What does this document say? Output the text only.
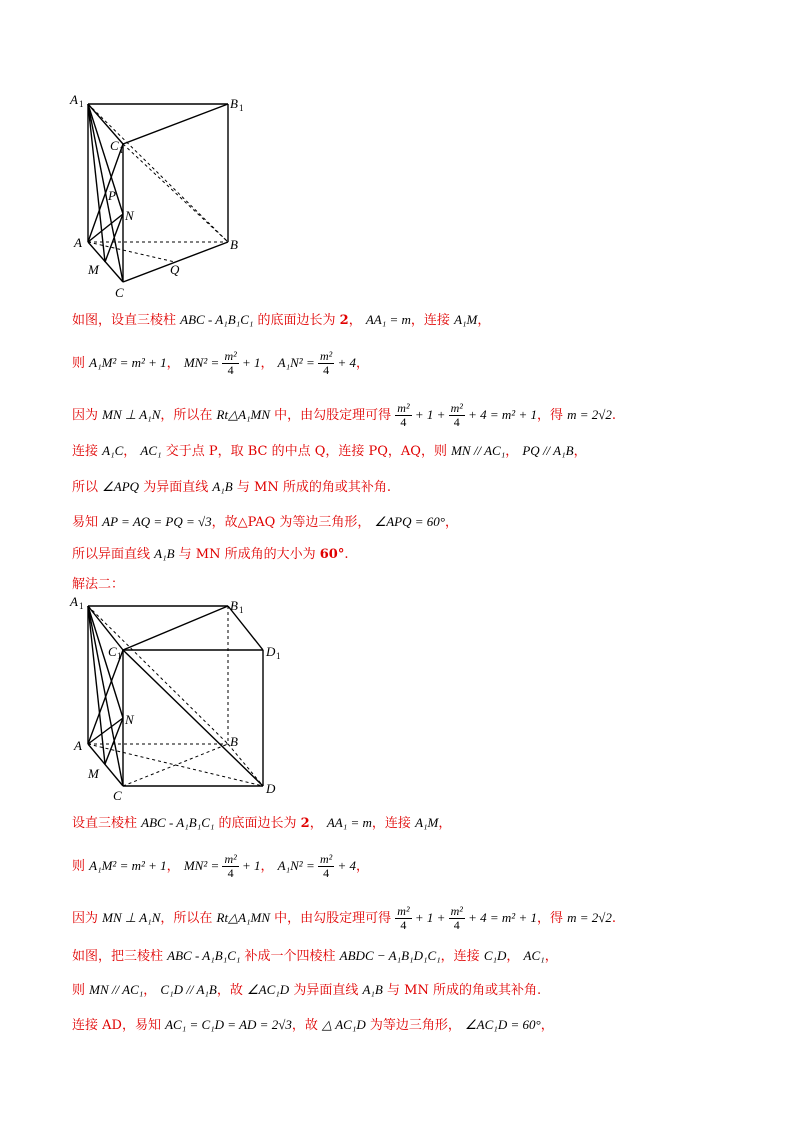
A 1	B 1
C 1
P
N
A	B
M	Q
C
A 1	B 1
C 1	D 1
N
A	B
M
C	D
如图，设直三棱柱 ABC - A₁B₁C₁ 的底面边长为 2， AA₁ = m，连接 A₁M，
则 A₁M² = m² + 1， $MN^2 = \frac{\text{m²}}{4} + 1$， $A_1N^2 = \frac{\text{m²}}{4} + 4$，
因为 MN ⊥ A₁N，所以在 Rt△A₁MN 中，由勾股定理可得 $\frac{\text{m²}}{4} + 1 + \frac{\text{m²}}{4} + 4 = m^2 + 1$，得 m = 2√2.
连接 A₁C， AC₁ 交于点 P，取 BC 的中点 Q，连接 PQ，AQ，则 MN // AC₁， PQ // A₁B，
所以 ∠APQ 为异面直线 A₁B 与 MN 所成的角或其补角.
易知 AP = AQ = PQ = √3，故△PAQ 为等边三角形， ∠APQ = 60°，
所以异面直线 A₁B 与 MN 所成角的大小为 60°.
解法二：
设直三棱柱 ABC - A₁B₁C₁ 的底面边长为 2， AA₁ = m，连接 A₁M，
则 A₁M² = m² + 1， $MN^2 = \frac{\text{m²}}{4} + 1$， $A_1N^2 = \frac{\text{m²}}{4} + 4$，
因为 MN ⊥ A₁N，所以在 Rt△A₁MN 中，由勾股定理可得 $\frac{\text{m²}}{4} + 1 + \frac{\text{m²}}{4} + 4 = m^2 + 1$，得 m = 2√2.
如图，把三棱柱 ABC - A₁B₁C₁ 补成一个四棱柱 ABDC − A₁B₁D₁C₁，连接 C₁D， AC₁，
则 MN // AC₁， C₁D // A₁B，故 ∠AC₁D 为异面直线 A₁B 与 MN 所成的角或其补角.
连接 AD，易知 AC₁ = C₁D = AD = 2√3，故 △ AC₁D 为等边三角形， ∠AC₁D = 60°，
